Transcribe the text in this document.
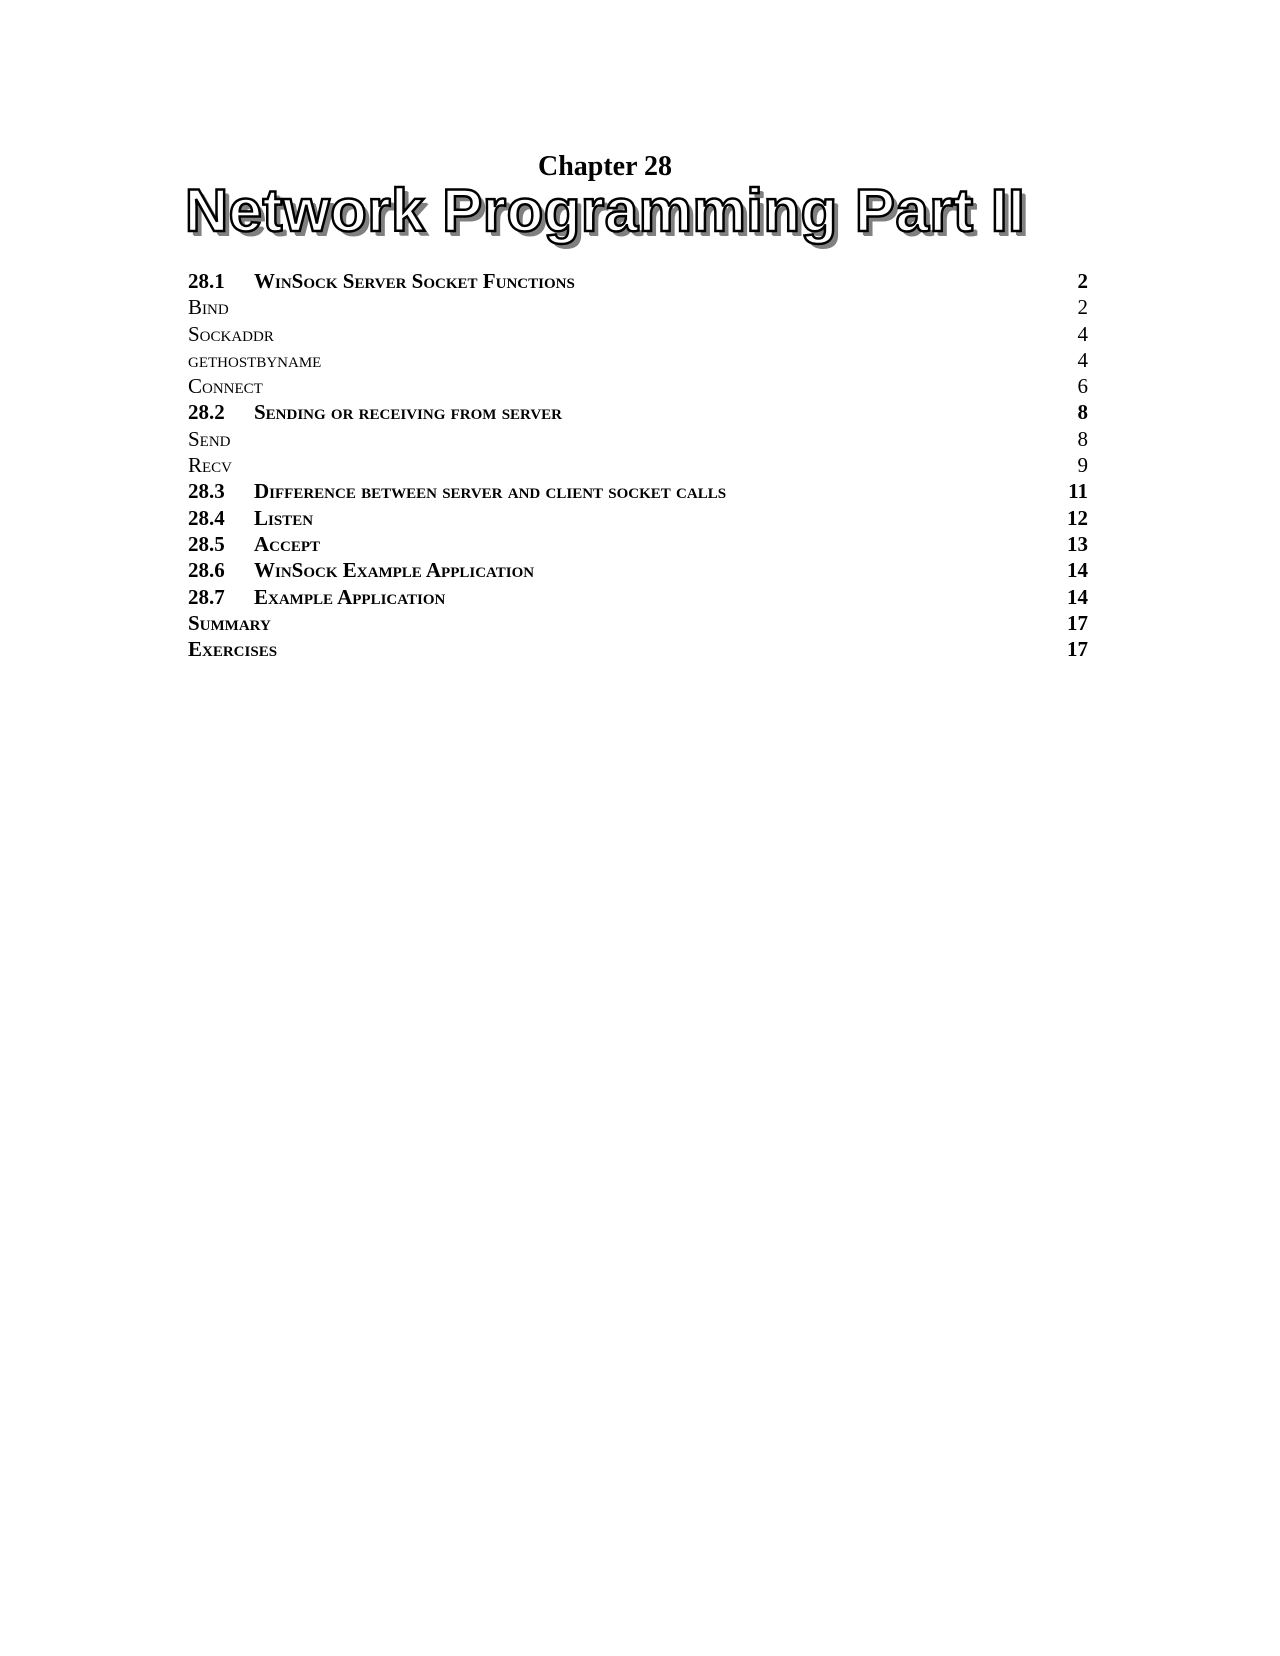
Chapter 28
Network Programming Part II
28.1	WinSock Server Socket Functions	2
Bind	2
Sockaddr	4
gethostbyname	4
Connect	6
28.2	Sending or receiving from server	8
Send	8
Recv	9
28.3	Difference between server and client socket calls	11
28.4	Listen	12
28.5	Accept	13
28.6	WinSock Example Application	14
28.7	Example Application	14
Summary	17
Exercises	17
